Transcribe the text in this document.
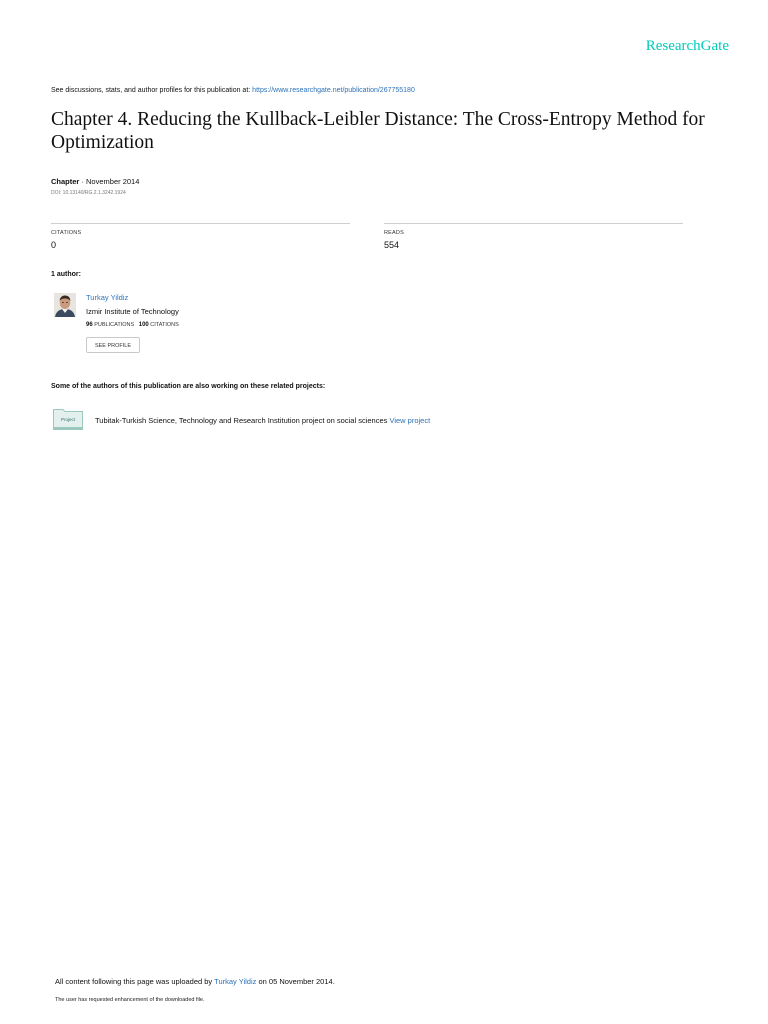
ResearchGate
See discussions, stats, and author profiles for this publication at: https://www.researchgate.net/publication/267755180
Chapter 4. Reducing the Kullback-Leibler Distance: The Cross-Entropy Method for Optimization
Chapter · November 2014
DOI: 10.13140/RG.2.1.3242.1924
CITATIONS
0
READS
554
1 author:
Turkay Yildiz
Izmir Institute of Technology
96 PUBLICATIONS 100 CITATIONS
SEE PROFILE
Some of the authors of this publication are also working on these related projects:
Project	Tubitak-Turkish Science, Technology and Research Institution project on social sciences View project
All content following this page was uploaded by Turkay Yildiz on 05 November 2014.
The user has requested enhancement of the downloaded file.
